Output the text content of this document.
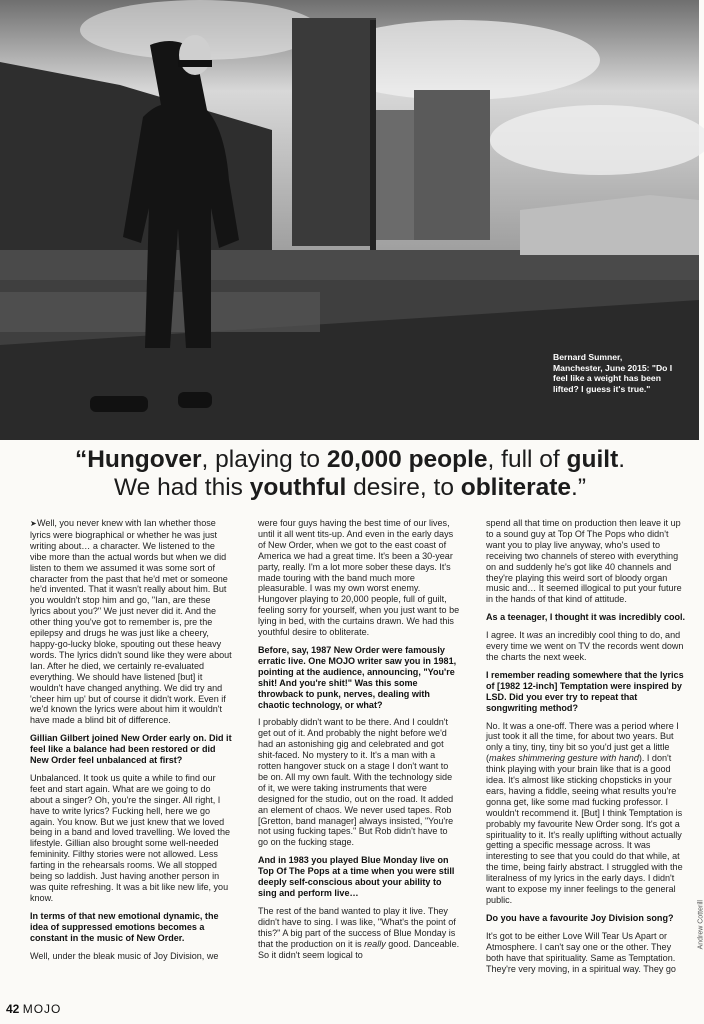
Bernard Sumner,
Manchester, June 2015: "Do I feel like a weight has been lifted? I guess it's true."
“Hungover, playing to 20,000 people, full of guilt.
We had this youthful desire, to obliterate.”

➤ Well, you never knew with Ian whether those lyrics were biographical or whether he was just writing about… a character. We listened to the vibe more than the actual words but when we did listen to them we assumed it was some sort of character from the past that he'd met or someone he'd invented. That it wasn't really about him. But you wouldn't stop him and go, "Ian, are these lyrics about you?" We just never did it. And the other thing you've got to remember is, pre the epilepsy and drugs he was just like a cheery, happy-go-lucky bloke, spouting out these heavy words. The lyrics didn't sound like they were about Ian. After he died, we certainly re-evaluated everything. We should have listened [but] it wouldn't have changed anything. We did try and 'cheer him up' but of course it didn't work. Even if we'd known the lyrics were about him it wouldn't have made a blind bit of difference.

Gillian Gilbert joined New Order early on. Did it feel like a balance had been restored or did New Order feel unbalanced at first?

Unbalanced. It took us quite a while to find our feet and start again. What are we going to do about a singer? Oh, you're the singer. All right, I have to write lyrics? Fucking hell, here we go again. You know. But we just knew that we loved being in a band and loved travelling. We loved the lifestyle. Gillian also brought some well-needed femininity. Filthy stories were not allowed. Less farting in the rehearsals rooms. We all stopped being so laddish. Just having another person in was quite refreshing. It was a bit like new life, you know.

In terms of that new emotional dynamic, the idea of suppressed emotions becomes a constant in the music of New Order.

Well, under the bleak music of Joy Division, we

were four guys having the best time of our lives, until it all went tits-up. And even in the early days of New Order, when we got to the east coast of America we had a great time. It's been a 30-year party, really. I'm a lot more sober these days. It's made touring with the band much more pleasurable. I was my own worst enemy. Hungover playing to 20,000 people, full of guilt, feeling sorry for yourself, when you just want to be lying in bed, with the curtains drawn. We had this youthful desire to obliterate.

Before, say, 1987 New Order were famously erratic live. One MOJO writer saw you in 1981, pointing at the audience, announcing, "You're shit! And you're shit!" Was this some throwback to punk, nerves, dealing with chaotic technology, or what?

I probably didn't want to be there. And I couldn't get out of it. And probably the night before we'd had an astonishing gig and celebrated and got shit-faced. No mystery to it. It's a man with a rotten hangover stuck on a stage I don't want to be on. All my own fault. With the technology side of it, we were taking instruments that were designed for the studio, out on the road. It added an element of chaos. We never used tapes. Rob [Gretton, band manager] always insisted, "You're not using fucking tapes." But Rob didn't have to go on the fucking stage.

And in 1983 you played Blue Monday live on Top Of The Pops at a time when you were still deeply self-conscious about your ability to sing and perform live…

The rest of the band wanted to play it live. They didn't have to sing. I was like, "What's the point of this?" A big part of the success of Blue Monday is that the production on it is really good. Danceable. So it didn't seem logical to

spend all that time on production then leave it up to a sound guy at Top Of The Pops who didn't want you to play live anyway, who's used to receiving two channels of stereo with everything on and suddenly he's got like 40 channels and they're playing this weird sort of bloody organ music and… It seemed illogical to put your future in the hands of that kind of attitude.

As a teenager, I thought it was incredibly cool.

I agree. It was an incredibly cool thing to do, and every time we went on TV the records went down the charts the next week.

I remember reading somewhere that the lyrics of [1982 12-inch] Temptation were inspired by LSD. Did you ever try to repeat that songwriting method?

No. It was a one-off. There was a period where I just took it all the time, for about two years. But only a tiny, tiny, tiny bit so you'd just get a little (makes shimmering gesture with hand). I don't think playing with your brain like that is a good idea. It's almost like sticking chopsticks in your ears, having a fiddle, seeing what results you're gonna get, like some mad fucking professor. I wouldn't recommend it. [But] I think Temptation is probably my favourite New Order song. It's got a spirituality to it. It's really uplifting without actually getting a specific message across. It was interesting to see that you could do that while, at the time, being fairly abstract. I struggled with the literalness of my lyrics in the early days. I didn't want to expose my inner feelings to the general public.

Do you have a favourite Joy Division song?

It's got to be either Love Will Tear Us Apart or Atmosphere. I can't say one or the other. They both have that spirituality. Same as Temptation. They're very moving, in a spiritual way. They go

Andrew Cotterill
42 MOJO
